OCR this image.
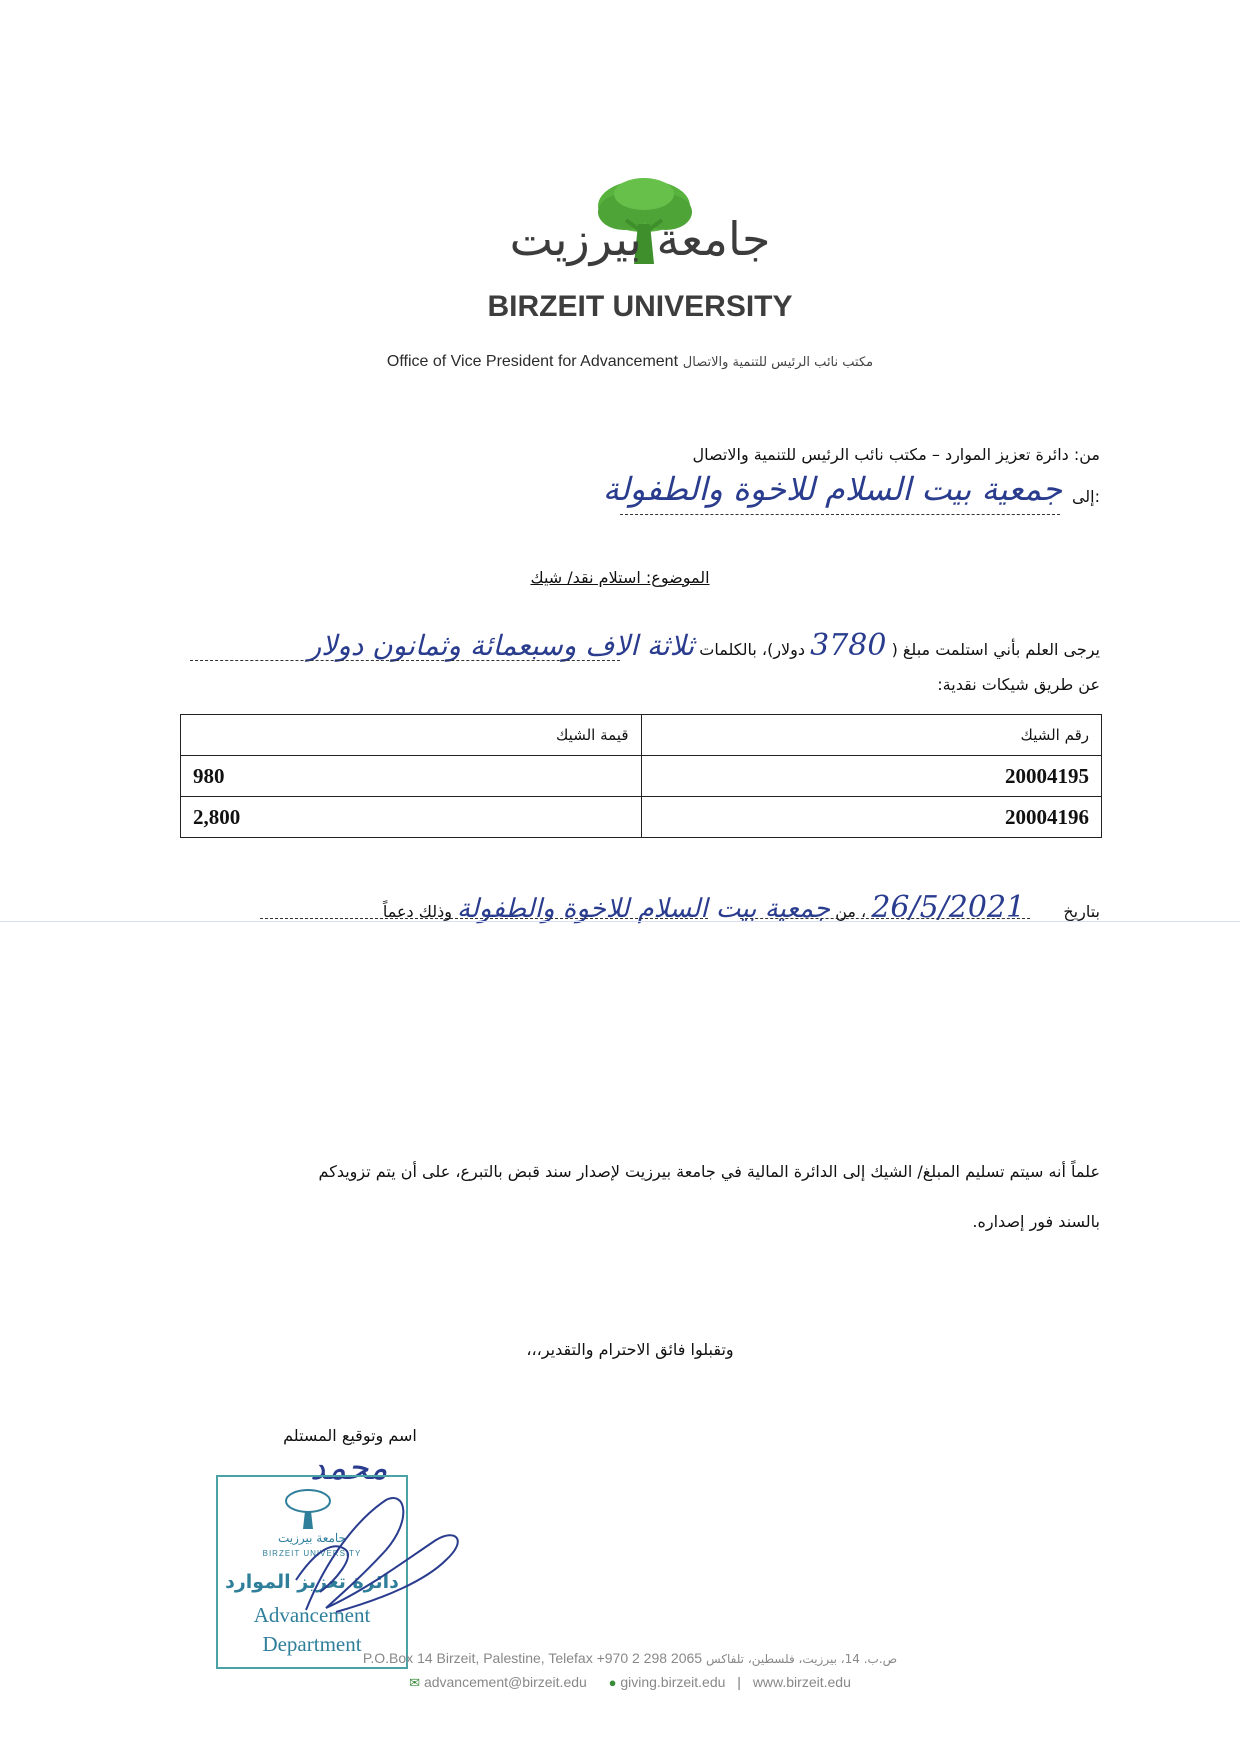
جامعة بيرزيت
BIRZEIT UNIVERSITY
Office of Vice President for Advancement مكتب نائب الرئيس للتنمية والاتصال
من: دائرة تعزيز الموارد – مكتب نائب الرئيس للتنمية والاتصال
إلى:
جمعية بيت السلام للاخوة والطفولة
الموضوع: استلام نقد/ شيك
يرجى العلم بأني استلمت مبلغ ( 3780 دولار)، بالكلمات ثلاثة الاف وسبعمائة وثمانون دولار
عن طريق شيكات نقدية:
رقم الشيك	قيمة الشيك
20004195	980
20004196	2,800
بتاريخ  26/5/2021 ، من جمعية بيت السلام للاخوة والطفولة وذلك دعماً
علماً أنه سيتم تسليم المبلغ/ الشيك إلى الدائرة المالية في جامعة بيرزيت لإصدار سند قبض بالتبرع، على أن يتم تزويدكم
بالسند فور إصداره.
وتقبلوا فائق الاحترام والتقدير،،،
اسم وتوقيع المستلم
محمد
جامعة بيرزيت
BIRZEIT UNIVERSITY
دائرة تعزيز الموارد
Advancement
Department
P.O.Box 14 Birzeit, Palestine, Telefax +970 2 298 2065 ص.ب. 14، بيرزيت، فلسطين، تلفاكس
✉ advancement@birzeit.edu ● giving.birzeit.edu | www.birzeit.edu
